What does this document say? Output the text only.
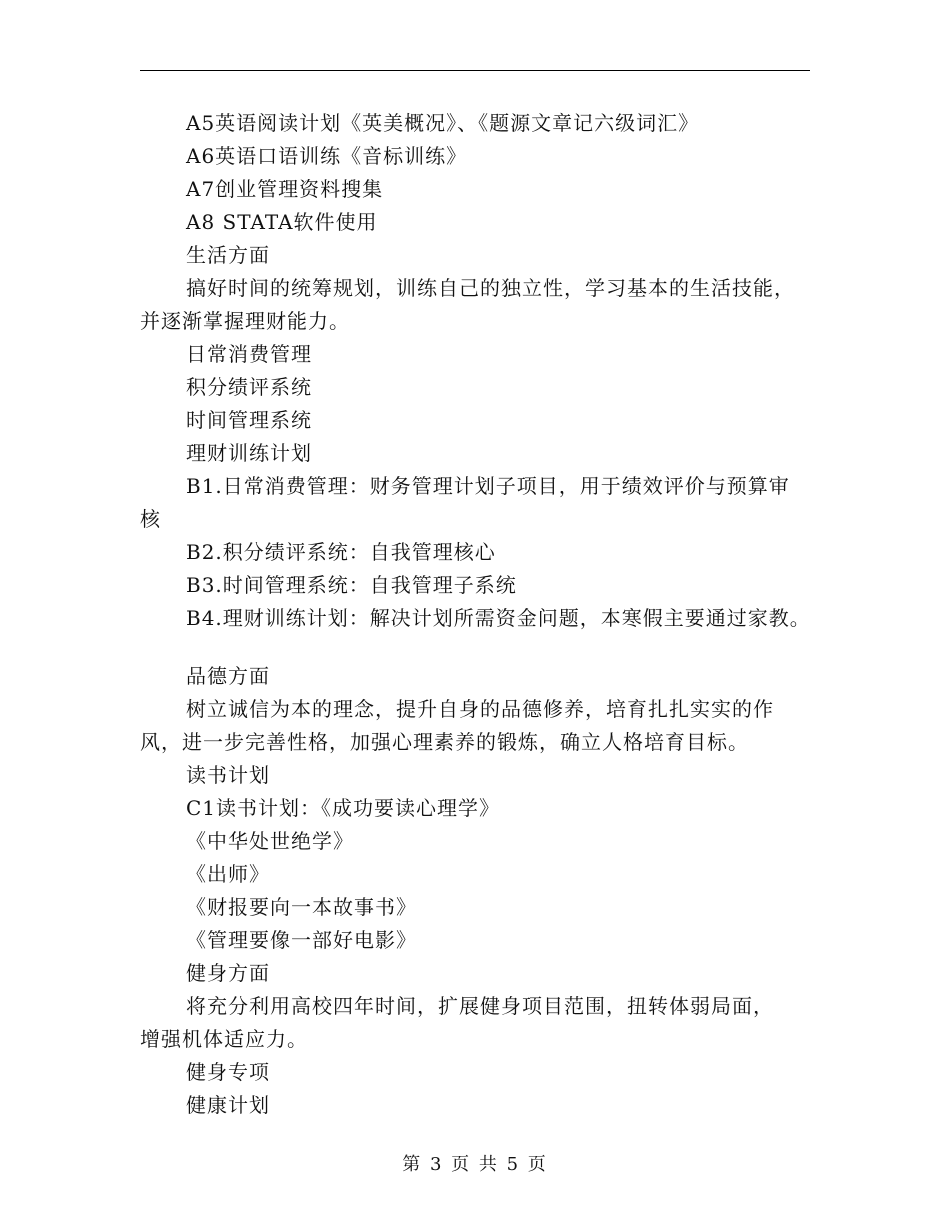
A5英语阅读计划《英美概况》、《题源文章记六级词汇》
A6英语口语训练《音标训练》
A7创业管理资料搜集
A8 STATA软件使用
生活方面
搞好时间的统筹规划，训练自己的独立性，学习基本的生活技能，
并逐渐掌握理财能力。
日常消费管理
积分绩评系统
时间管理系统
理财训练计划
B1.日常消费管理：财务管理计划子项目，用于绩效评价与预算审
核
B2.积分绩评系统：自我管理核心
B3.时间管理系统：自我管理子系统
B4.理财训练计划：解决计划所需资金问题，本寒假主要通过家教。
品德方面
树立诚信为本的理念，提升自身的品德修养，培育扎扎实实的作
风，进一步完善性格，加强心理素养的锻炼，确立人格培育目标。
读书计划
C1读书计划：《成功要读心理学》
《中华处世绝学》
《出师》
《财报要向一本故事书》
《管理要像一部好电影》
健身方面
将充分利用高校四年时间，扩展健身项目范围，扭转体弱局面，
增强机体适应力。
健身专项
健康计划
第 3 页 共 5 页
